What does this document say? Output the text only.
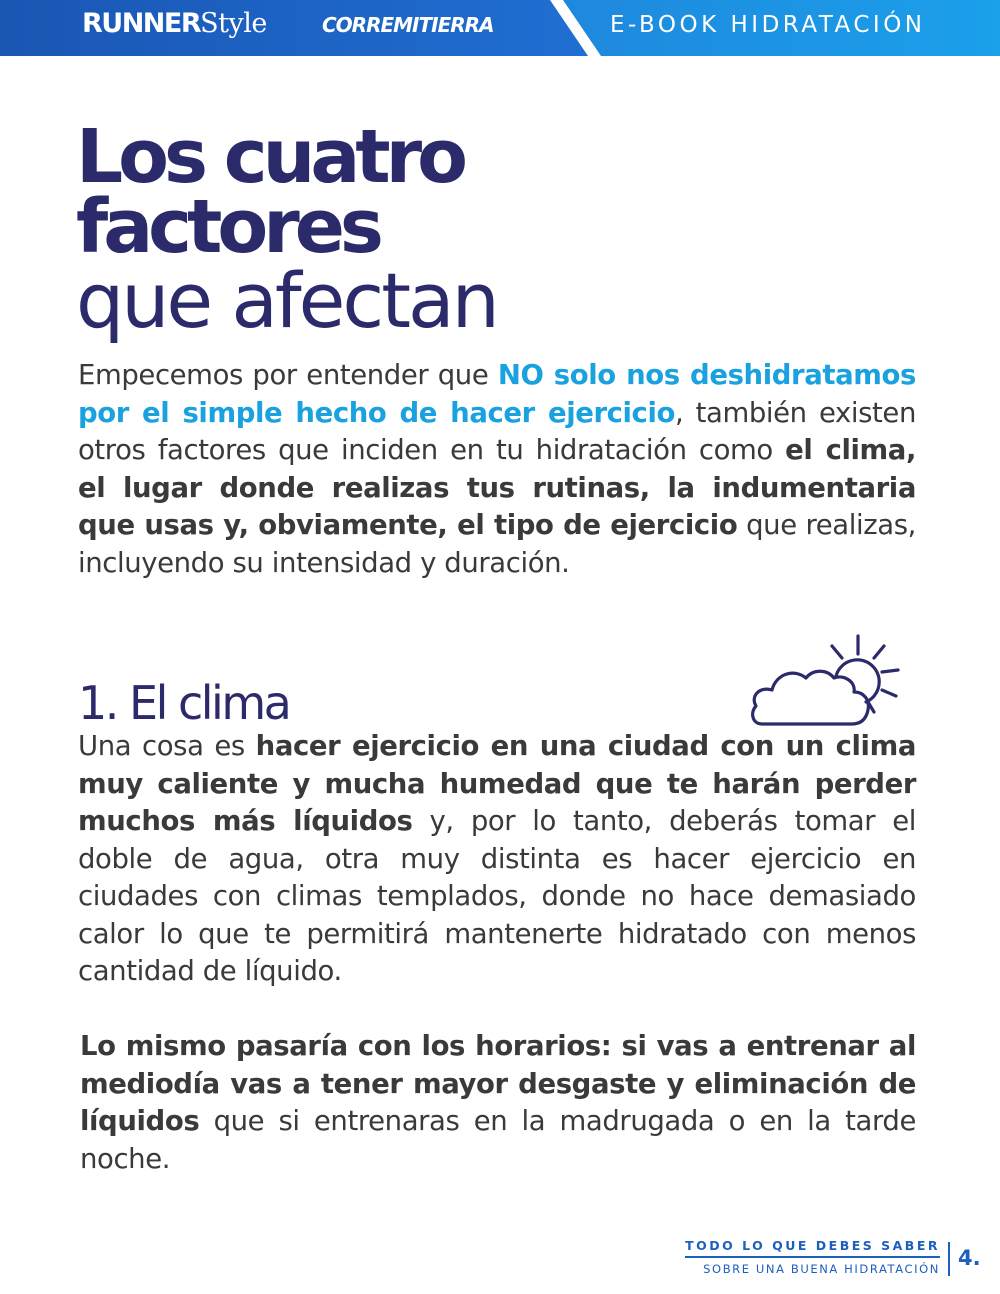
RUNNER Style	CORREMITIERRA	E-BOOK HIDRATACIÓN
Los cuatro
factores
que afectan

Empecemos por entender que NO solo nos deshidratamos por el simple hecho de hacer ejercicio, también existen otros factores que inciden en tu hidratación como el clima, el lugar donde realizas tus rutinas, la indumentaria que usas y, obviamente, el tipo de ejercicio que realizas, incluyendo su intensidad y duración.

1. El clima

Una cosa es hacer ejercicio en una ciudad con un clima muy caliente y mucha humedad que te harán perder muchos más líquidos y, por lo tanto, deberás tomar el doble de agua, otra muy distinta es hacer ejercicio en ciudades con climas templados, donde no hace demasiado calor lo que te permitirá mantenerte hidratado con menos cantidad de líquido.

Lo mismo pasaría con los horarios: si vas a entrenar al mediodía vas a tener mayor desgaste y eliminación de líquidos que si entrenaras en la madrugada o en la tarde noche.

TODO LO QUE DEBES SABER
SOBRE UNA BUENA HIDRATACIÓN 4.
